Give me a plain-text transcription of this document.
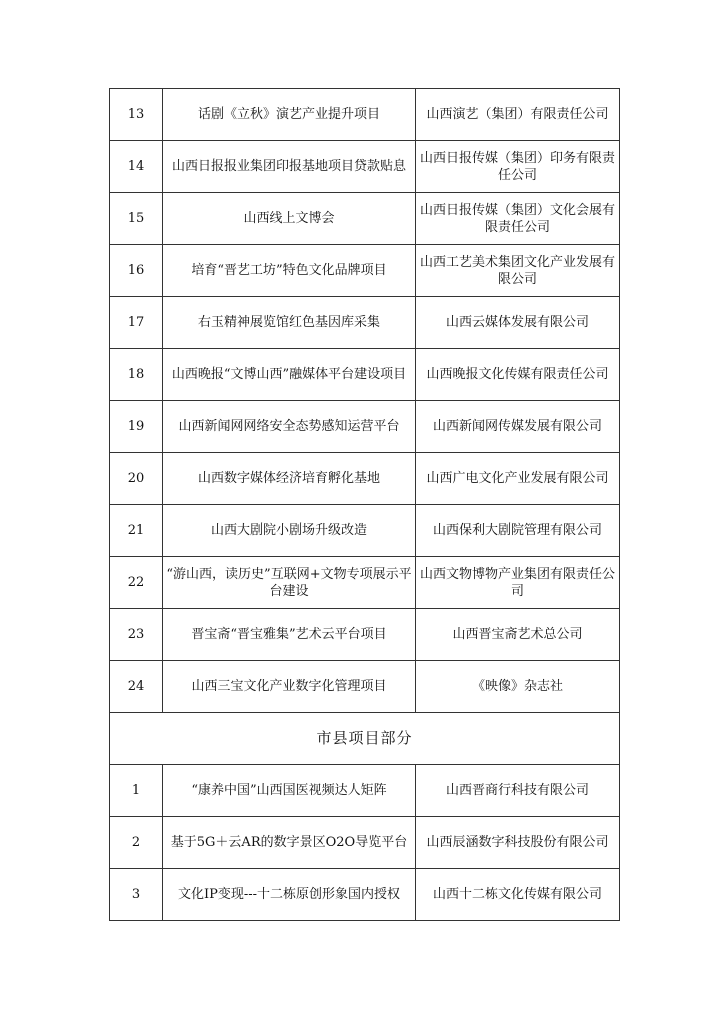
13	话剧《立秋》演艺产业提升项目	山西演艺（集团）有限责任公司
14	山西日报报业集团印报基地项目贷款贴息	山西日报传媒（集团）印务有限责任公司
15	山西线上文博会	山西日报传媒（集团）文化会展有限责任公司
16	培育“晋艺工坊”特色文化品牌项目	山西工艺美术集团文化产业发展有限公司
17	右玉精神展览馆红色基因库采集	山西云媒体发展有限公司
18	山西晚报“文博山西”融媒体平台建设项目	山西晚报文化传媒有限责任公司
19	山西新闻网网络安全态势感知运营平台	山西新闻网传媒发展有限公司
20	山西数字媒体经济培育孵化基地	山西广电文化产业发展有限公司
21	山西大剧院小剧场升级改造	山西保利大剧院管理有限公司
22	“游山西，读历史”互联网+文物专项展示平台建设	山西文物博物产业集团有限责任公司
23	晋宝斋“晋宝雅集”艺术云平台项目	山西晋宝斋艺术总公司
24	山西三宝文化产业数字化管理项目	《映像》杂志社
市县项目部分		
1	“康养中国”山西国医视频达人矩阵	山西晋商行科技有限公司
2	基于5G＋云AR的数字景区O2O导览平台	山西辰涵数字科技股份有限公司
3	文化IP变现---十二栋原创形象国内授权	山西十二栋文化传媒有限公司
